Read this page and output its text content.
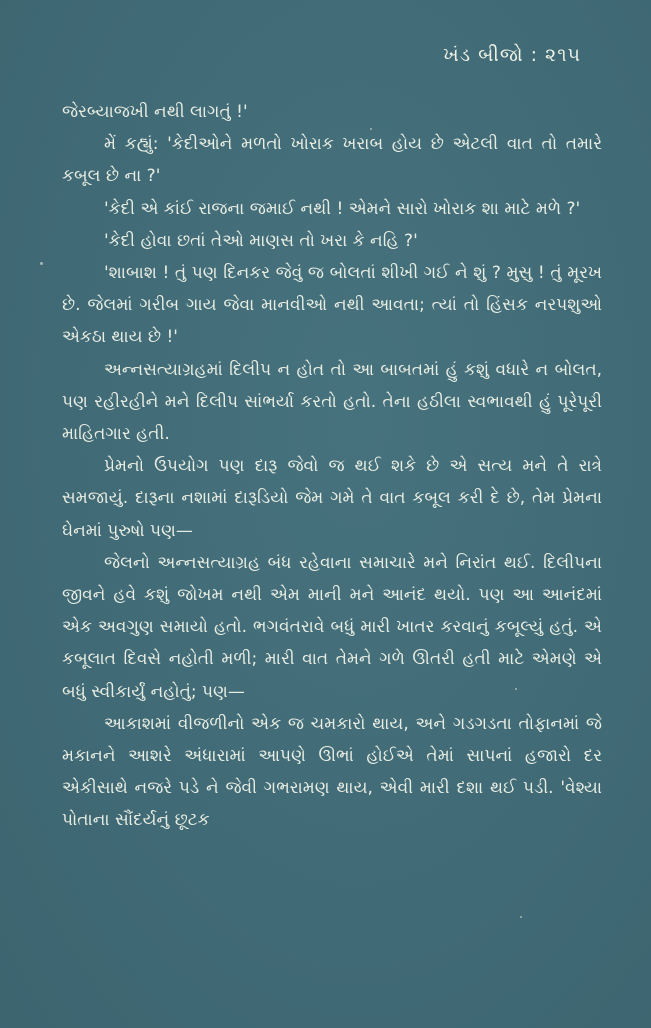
ખંડ બીજો : ૨૧૫

જેરબ્યાજખી નથી લાગતું !'

મેં કહ્યું: 'કેદીઓને મળતો ખોરાક ખરાબ હોય છે એટલી વાત તો તમારે કબૂલ છે ના ?'

'કેદી એ કાંઈ રાજના જમાઈ નથી ! એમને સારો ખોરાક શા માટે મળે ?'

'કેદી હોવા છતાં તેઓ માણસ તો ખરા કે નહિ ?'

'શાબાશ ! તું પણ દિનકર જેવું જ બોલતાં શીખી ગઈ ને શું ? મુસુ ! તું મૂરખ છે. જેલમાં ગરીબ ગાય જેવા માનવીઓ નથી આવતા; ત્યાં તો હિંસક નરપશુઓ એકઠા થાય છે !'

અન્નસત્યાગ્રહમાં દિલીપ ન હોત તો આ બાબતમાં હું કશું વધારે ન બોલત, પણ રહીરહીને મને દિલીપ સાંભર્યા કરતો હતો. તેના હઠીલા સ્વભાવથી હું પૂરેપૂરી માહિતગાર હતી.

પ્રેમનો ઉપયોગ પણ દારૂ જેવો જ થઈ શકે છે એ સત્ય મને તે રાત્રે સમજાયું. દારૂના નશામાં દારૂડિયો જેમ ગમે તે વાત કબૂલ કરી દે છે, તેમ પ્રેમના ઘેનમાં પુરુષો પણ—

જેલનો અન્નસત્યાગ્રહ બંધ રહેવાના સમાચારે મને નિરાંત થઈ. દિલીપના જીવને હવે કશું જોખમ નથી એમ માની મને આનંદ થયો. પણ આ આનંદમાં એક અવગુણ સમાયો હતો. ભગવંતરાવે બધું મારી ખાતર કરવાનું કબૂલ્યું હતું. એ કબૂલાત દિવસે નહોતી મળી; મારી વાત તેમને ગળે ઊતરી હતી માટે એમણે એ બધું સ્વીકાર્યું નહોતું; પણ—

આકાશમાં વીજળીનો એક જ ચમકારો થાય, અને ગડગડતા તોફાનમાં જે મકાનને આશરે અંધારામાં આપણે ઊભાં હોઈએ તેમાં સાપનાં હજારો દર એકીસાથે નજરે પડે ને જેવી ગભરામણ થાય, એવી મારી દશા થઈ પડી. 'વેશ્યા પોતાના સૌંદર્યનું છૂટક
